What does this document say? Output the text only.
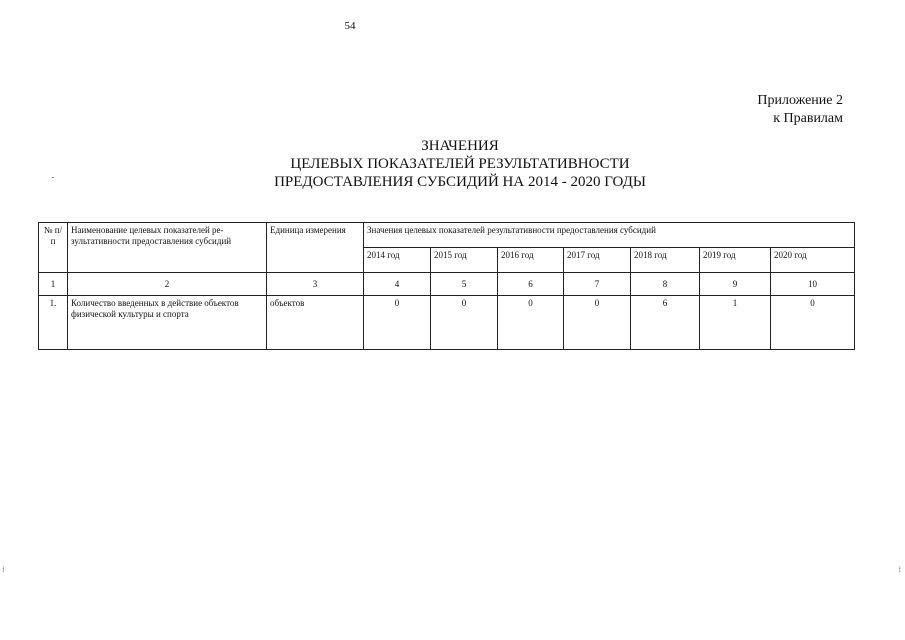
54
Приложение 2
к Правилам
ЗНАЧЕНИЯ
ЦЕЛЕВЫХ ПОКАЗАТЕЛЕЙ РЕЗУЛЬТАТИВНОСТИ
ПРЕДОСТАВЛЕНИЯ СУБСИДИЙ НА 2014 - 2020 ГОДЫ
⁞	⁞
№ п/п	Наименование целевых показателей ре-зультативности предоставления субсидий	Единица измерения	Значения целевых показателей результативности предоставления субсидий						
			2014 год	2015 год	2016 год	2017 год	2018 год	2019 год	2020 год
1	2	3	4	5	6	7	8	9	10
1.	Количество введенных в действие объектов физической культуры и спорта	объектов	0	0	0	0	6	1	0
